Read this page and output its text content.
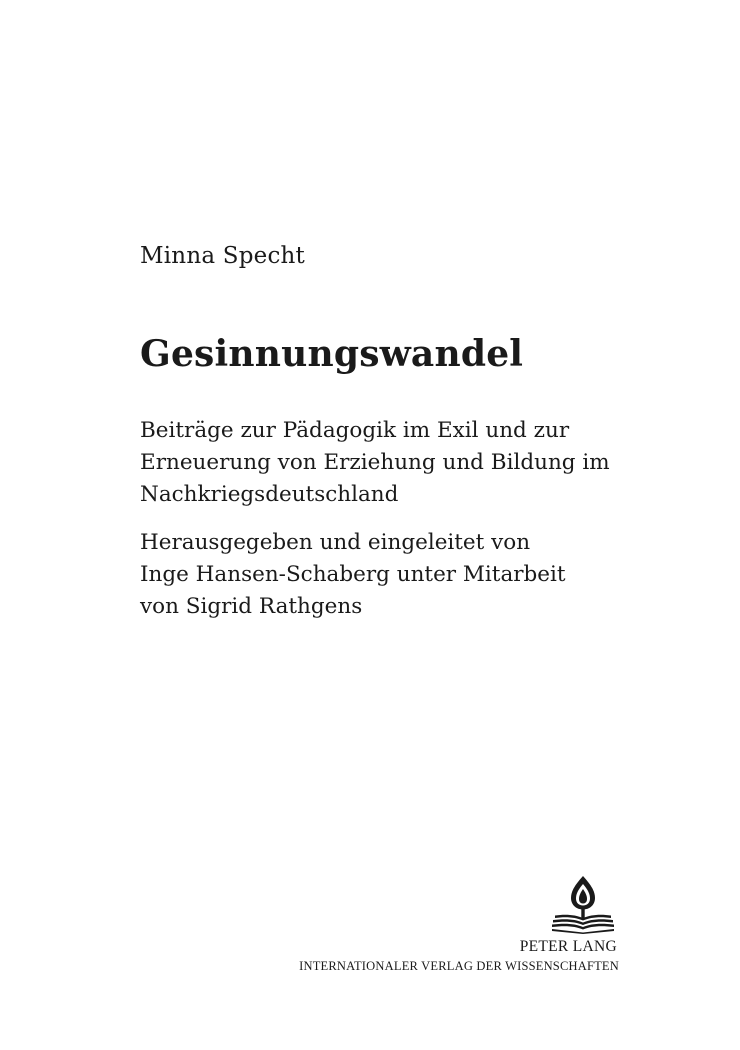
Minna Specht

Gesinnungswandel

Beiträge zur Pädagogik im Exil und zur
Erneuerung von Erziehung und Bildung im
Nachkriegsdeutschland

Herausgegeben und eingeleitet von
Inge Hansen-Schaberg unter Mitarbeit
von Sigrid Rathgens

PETER LANG

INTERNATIONALER VERLAG DER WISSENSCHAFTEN
